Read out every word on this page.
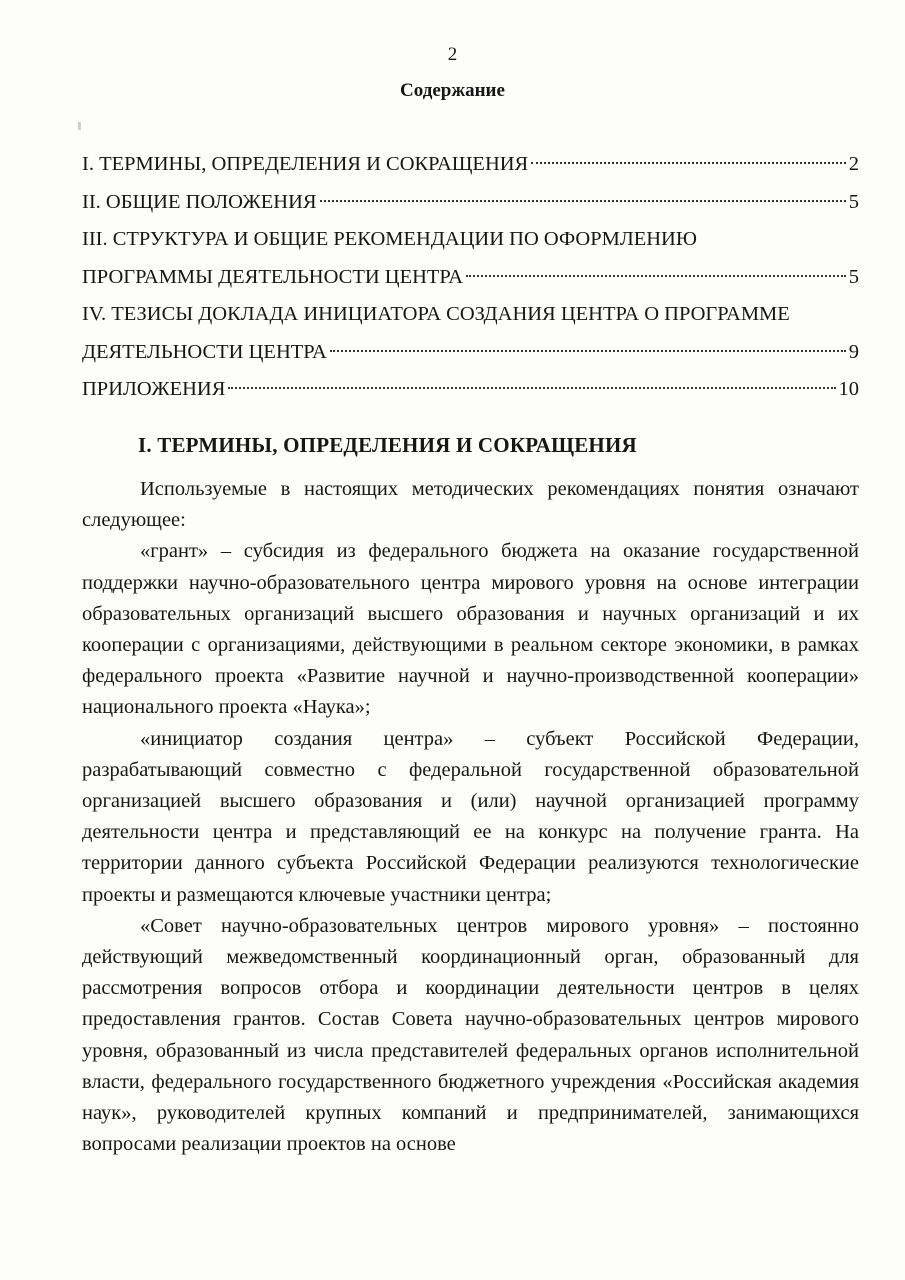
2
Содержание
I. ТЕРМИНЫ, ОПРЕДЕЛЕНИЯ И СОКРАЩЕНИЯ	2
II. ОБЩИЕ ПОЛОЖЕНИЯ	5
III. СТРУКТУРА И ОБЩИЕ РЕКОМЕНДАЦИИ ПО ОФОРМЛЕНИЮ
ПРОГРАММЫ ДЕЯТЕЛЬНОСТИ ЦЕНТРА	5
IV. ТЕЗИСЫ ДОКЛАДА ИНИЦИАТОРА СОЗДАНИЯ ЦЕНТРА О ПРОГРАММЕ
ДЕЯТЕЛЬНОСТИ ЦЕНТРА	9
ПРИЛОЖЕНИЯ	10
I. ТЕРМИНЫ, ОПРЕДЕЛЕНИЯ И СОКРАЩЕНИЯ

Используемые в настоящих методических рекомендациях понятия означают следующее:

«грант» – субсидия из федерального бюджета на оказание государственной поддержки научно-образовательного центра мирового уровня на основе интеграции образовательных организаций высшего образования и научных организаций и их кооперации с организациями, действующими в реальном секторе экономики, в рамках федерального проекта «Развитие научной и научно-производственной кооперации» национального проекта «Наука»;

«инициатор создания центра» – субъект Российской Федерации, разрабатывающий совместно с федеральной государственной образовательной организацией высшего образования и (или) научной организацией программу деятельности центра и представляющий ее на конкурс на получение гранта. На территории данного субъекта Российской Федерации реализуются технологические проекты и размещаются ключевые участники центра;

«Совет научно-образовательных центров мирового уровня» – постоянно действующий межведомственный координационный орган, образованный для рассмотрения вопросов отбора и координации деятельности центров в целях предоставления грантов. Состав Совета научно-образовательных центров мирового уровня, образованный из числа представителей федеральных органов исполнительной власти, федерального государственного бюджетного учреждения «Российская академия наук», руководителей крупных компаний и предпринимателей, занимающихся вопросами реализации проектов на основе
